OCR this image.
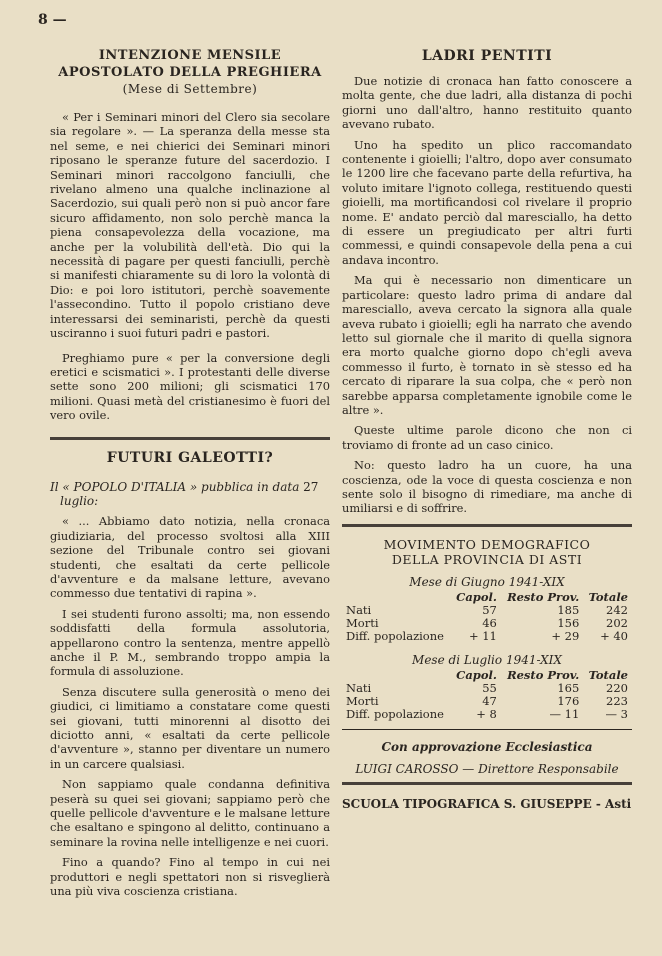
8 —
INTENZIONE MENSILE
APOSTOLATO DELLA PREGHIERA
(Mese di Settembre)

« Per i Seminari minori del Clero sia secolare sia regolare ». — La speranza della messe sta nel seme, e nei chierici dei Seminari minori riposano le speranze future del sacerdozio. I Seminari minori raccolgono fanciulli, che rivelano almeno una qualche inclinazione al Sacerdozio, sui quali però non si può ancor fare sicuro affidamento, non solo perchè manca la piena consapevolezza della vocazione, ma anche per la volubilità dell'età. Dio qui la necessità di pagare per questi fanciulli, perchè si manifesti chiaramente su di loro la volontà di Dio: e poi loro istitutori, perchè soavemente l'assecondino. Tutto il popolo cristiano deve interessarsi dei seminaristi, perchè da questi usciranno i suoi futuri padri e pastori.

Preghiamo pure « per la conversione degli eretici e scismatici ». I protestanti delle diverse sette sono 200 milioni; gli scismatici 170 milioni. Quasi metà del cristianesimo è fuori del vero ovile.

FUTURI GALEOTTI?

Il « POPOLO D'ITALIA » pubblica in data 27
luglio:

« ... Abbiamo dato notizia, nella cronaca giudiziaria, del processo svoltosi alla XIII sezione del Tribunale contro sei giovani studenti, che esaltati da certe pellicole d'avventure e da malsane letture, avevano commesso due tentativi di rapina ».

I sei studenti furono assolti; ma, non essendo soddisfatti della formula assolutoria, appellarono contro la sentenza, mentre appellò anche il P. M., sembrando troppo ampia la formula di assoluzione.

Senza discutere sulla generosità o meno dei giudici, ci limitiamo a constatare come questi sei giovani, tutti minorenni al disotto dei diciotto anni, « esaltati da certe pellicole d'avventure », stanno per diventare un numero in un carcere qualsiasi.

Non sappiamo quale condanna definitiva peserà su quei sei giovani; sappiamo però che quelle pellicole d'avventure e le malsane letture che esaltano e spingono al delitto, continuano a seminare la rovina nelle intelligenze e nei cuori.

Fino a quando? Fino al tempo in cui nei produttori e negli spettatori non si risveglierà una più viva coscienza cristiana.

LADRI PENTITI

Due notizie di cronaca han fatto conoscere a molta gente, che due ladri, alla distanza di pochi giorni uno dall'altro, hanno restituito quanto avevano rubato.

Uno ha spedito un plico raccomandato contenente i gioielli; l'altro, dopo aver consumato le 1200 lire che facevano parte della refurtiva, ha voluto imitare l'ignoto collega, restituendo questi gioielli, ma mortificandosi col rivelare il proprio nome. E' andato perciò dal maresciallo, ha detto di essere un pregiudicato per altri furti commessi, e quindi consapevole della pena a cui andava incontro.

Ma qui è necessario non dimenticare un particolare: questo ladro prima di andare dal maresciallo, aveva cercato la signora alla quale aveva rubato i gioielli; egli ha narrato che avendo letto sul giornale che il marito di quella signora era morto qualche giorno dopo ch'egli aveva commesso il furto, è tornato in sè stesso ed ha cercato di riparare la sua colpa, che « però non sarebbe apparsa completamente ignobile come le altre ».

Queste ultime parole dicono che non ci troviamo di fronte ad un caso cinico.

No: questo ladro ha un cuore, ha una coscienza, ode la voce di questa coscienza e non sente solo il bisogno di rimediare, ma anche di umiliarsi e di soffrire.

MOVIMENTO DEMOGRAFICO
DELLA PROVINCIA DI ASTI
Mese di Giugno 1941-XIX
	Capol.	Resto Prov.	Totale
Nati	57	185	242
Morti	46	156	202
Diff. popolazione	+ 11	+ 29	+ 40
Mese di Luglio 1941-XIX
	Capol.	Resto Prov.	Totale
Nati	55	165	220
Morti	47	176	223
Diff. popolazione	+ 8	— 11	— 3
Con approvazione Ecclesiastica
LUIGI CAROSSO — Direttore Responsabile
SCUOLA TIPOGRAFICA S. GIUSEPPE - Asti
